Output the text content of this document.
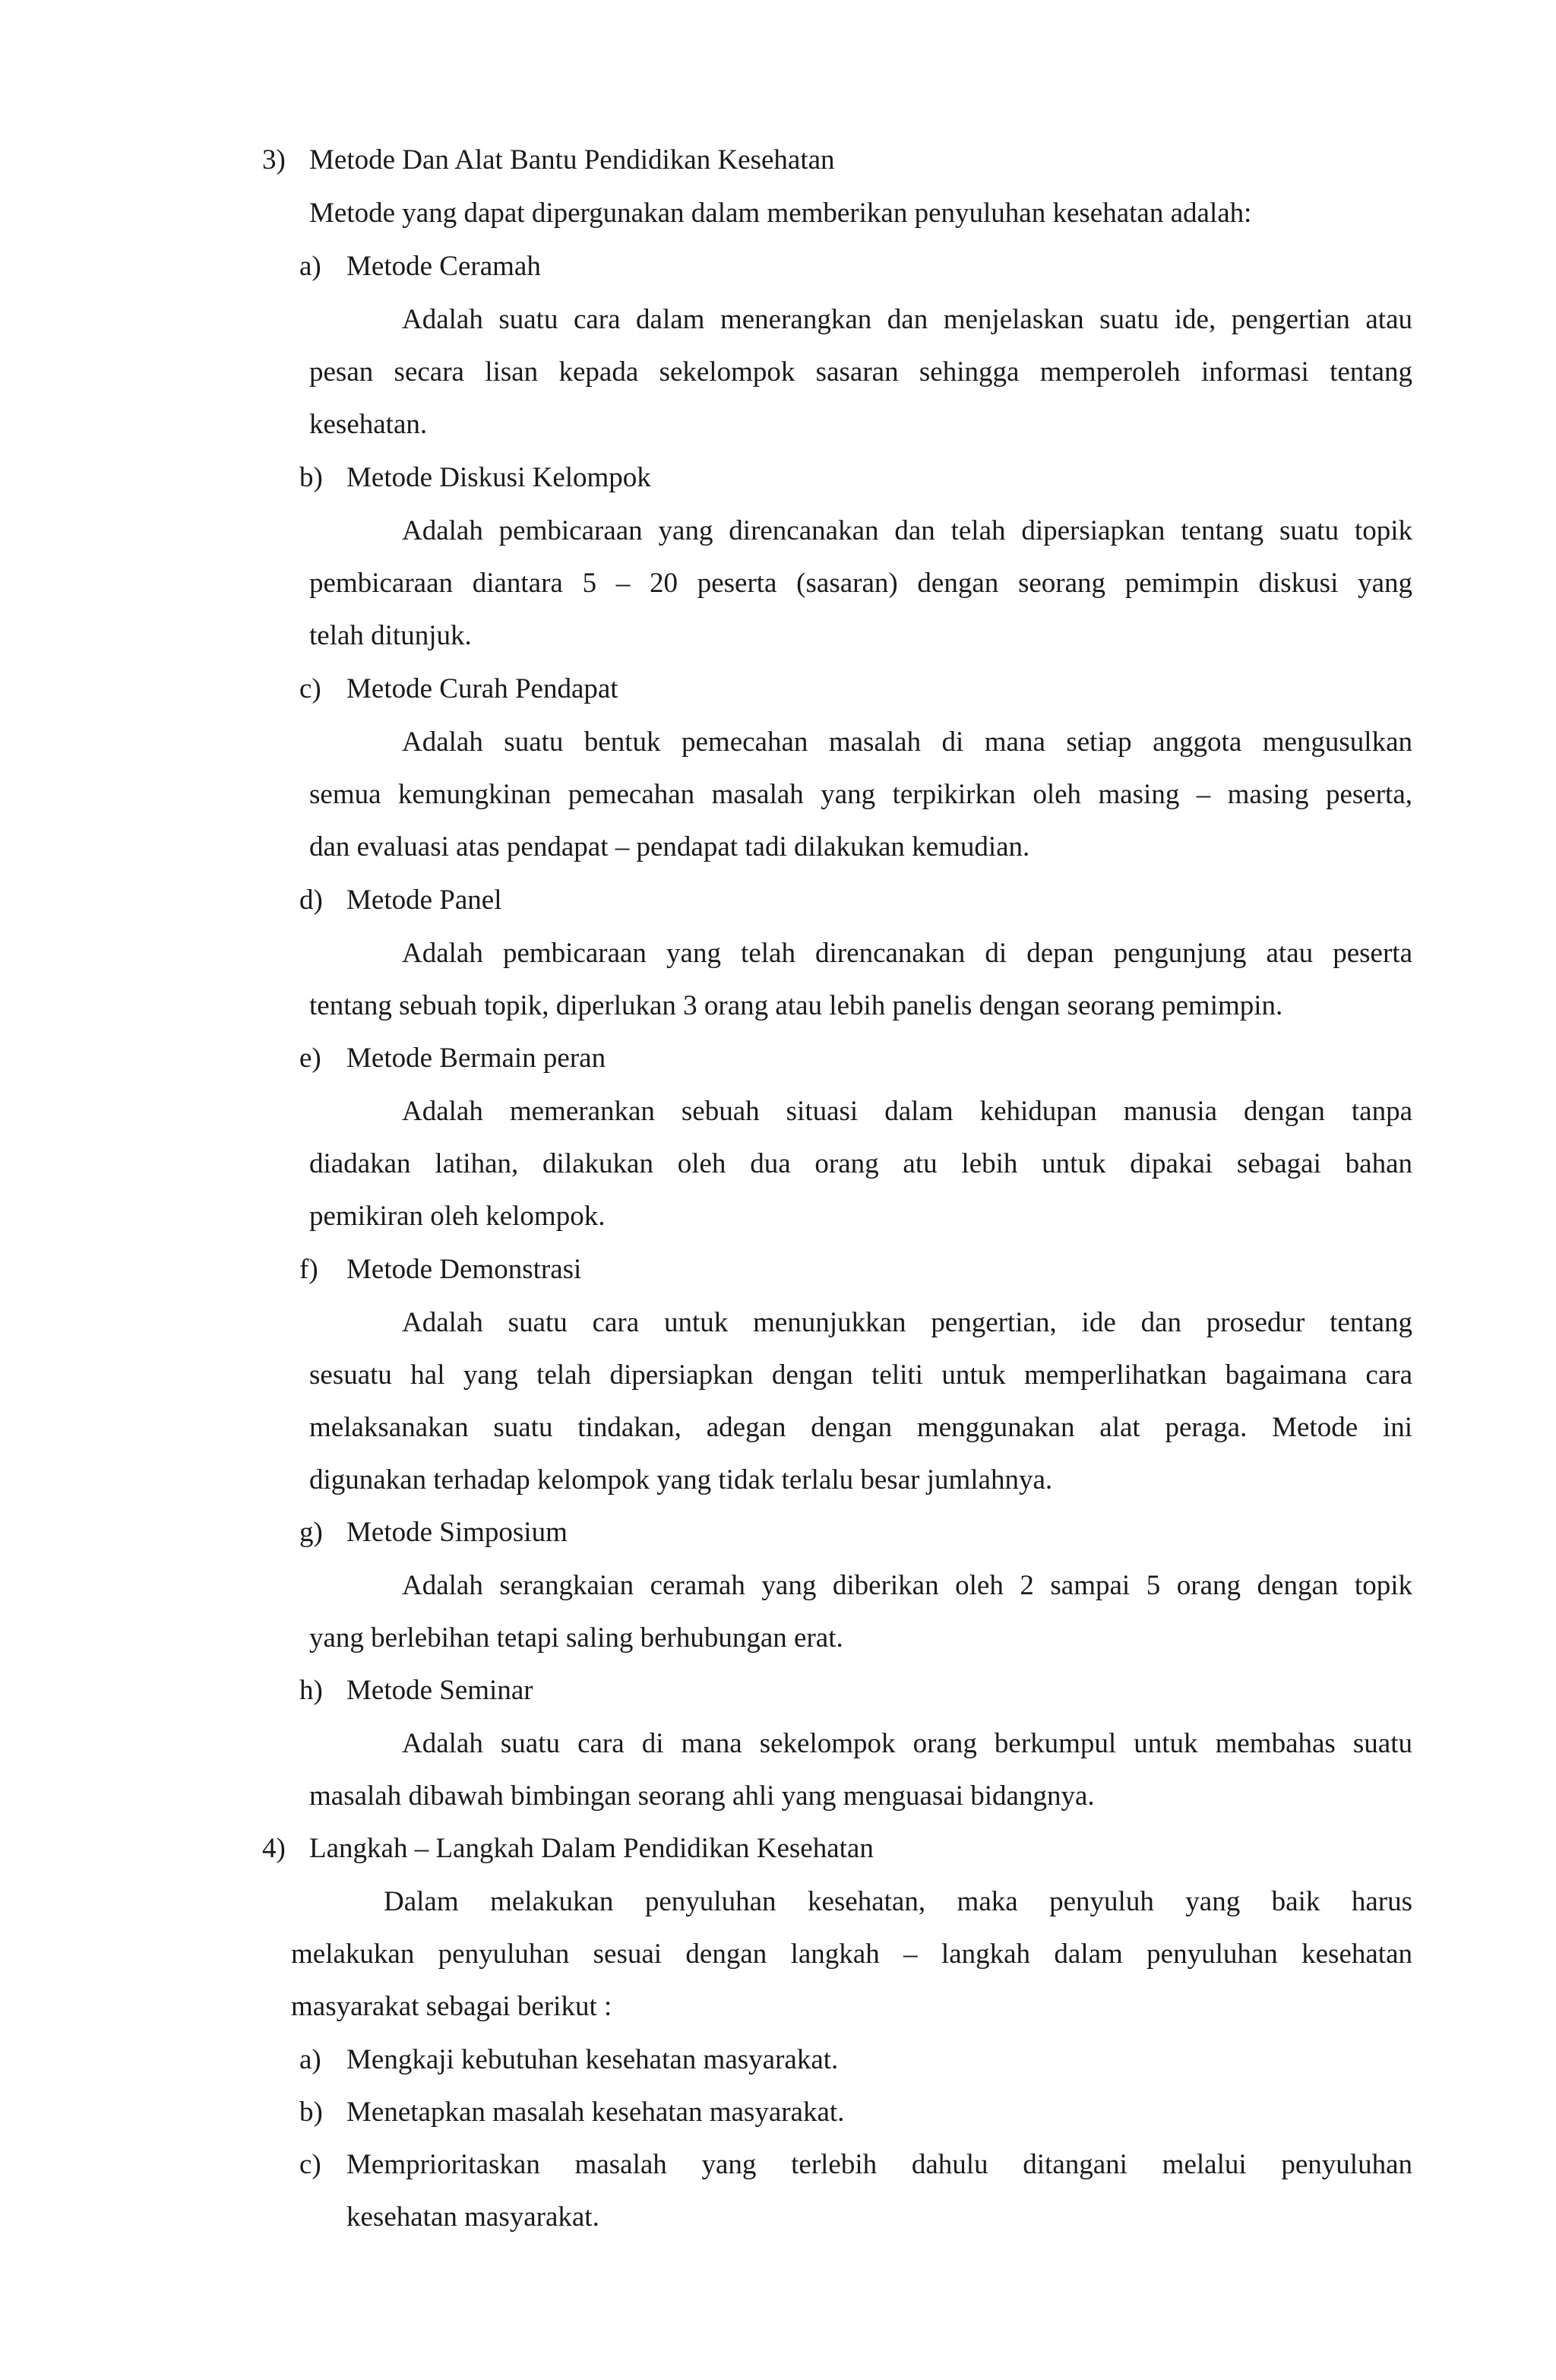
3) Metode Dan Alat Bantu Pendidikan Kesehatan
Metode yang dapat dipergunakan dalam memberikan penyuluhan kesehatan adalah:
a) Metode Ceramah
Adalah suatu cara dalam menerangkan dan menjelaskan suatu ide, pengertian atau
pesan secara lisan kepada sekelompok sasaran sehingga memperoleh informasi tentang
kesehatan.
b) Metode Diskusi Kelompok
Adalah pembicaraan yang direncanakan dan telah dipersiapkan tentang suatu topik
pembicaraan diantara 5 – 20 peserta (sasaran) dengan seorang pemimpin diskusi yang
telah ditunjuk.
c) Metode Curah Pendapat
Adalah suatu bentuk pemecahan masalah di mana setiap anggota mengusulkan
semua kemungkinan pemecahan masalah yang terpikirkan oleh masing – masing peserta,
dan evaluasi atas pendapat – pendapat tadi dilakukan kemudian.
d) Metode Panel
Adalah pembicaraan yang telah direncanakan di depan pengunjung atau peserta
tentang sebuah topik, diperlukan 3 orang atau lebih panelis dengan seorang pemimpin.
e) Metode Bermain peran
Adalah memerankan sebuah situasi dalam kehidupan manusia dengan tanpa
diadakan latihan, dilakukan oleh dua orang atu lebih untuk dipakai sebagai bahan
pemikiran oleh kelompok.
f) Metode Demonstrasi
Adalah suatu cara untuk menunjukkan pengertian, ide dan prosedur tentang
sesuatu hal yang telah dipersiapkan dengan teliti untuk memperlihatkan bagaimana cara
melaksanakan suatu tindakan, adegan dengan menggunakan alat peraga. Metode ini
digunakan terhadap kelompok yang tidak terlalu besar jumlahnya.
g) Metode Simposium
Adalah serangkaian ceramah yang diberikan oleh 2 sampai 5 orang dengan topik
yang berlebihan tetapi saling berhubungan erat.
h) Metode Seminar
Adalah suatu cara di mana sekelompok orang berkumpul untuk membahas suatu
masalah dibawah bimbingan seorang ahli yang menguasai bidangnya.
4) Langkah – Langkah Dalam Pendidikan Kesehatan
Dalam melakukan penyuluhan kesehatan, maka penyuluh yang baik harus
melakukan penyuluhan sesuai dengan langkah – langkah dalam penyuluhan kesehatan
masyarakat sebagai berikut :
a) Mengkaji kebutuhan kesehatan masyarakat.
b) Menetapkan masalah kesehatan masyarakat.
c) Memprioritaskan masalah yang terlebih dahulu ditangani melalui penyuluhan
kesehatan masyarakat.
